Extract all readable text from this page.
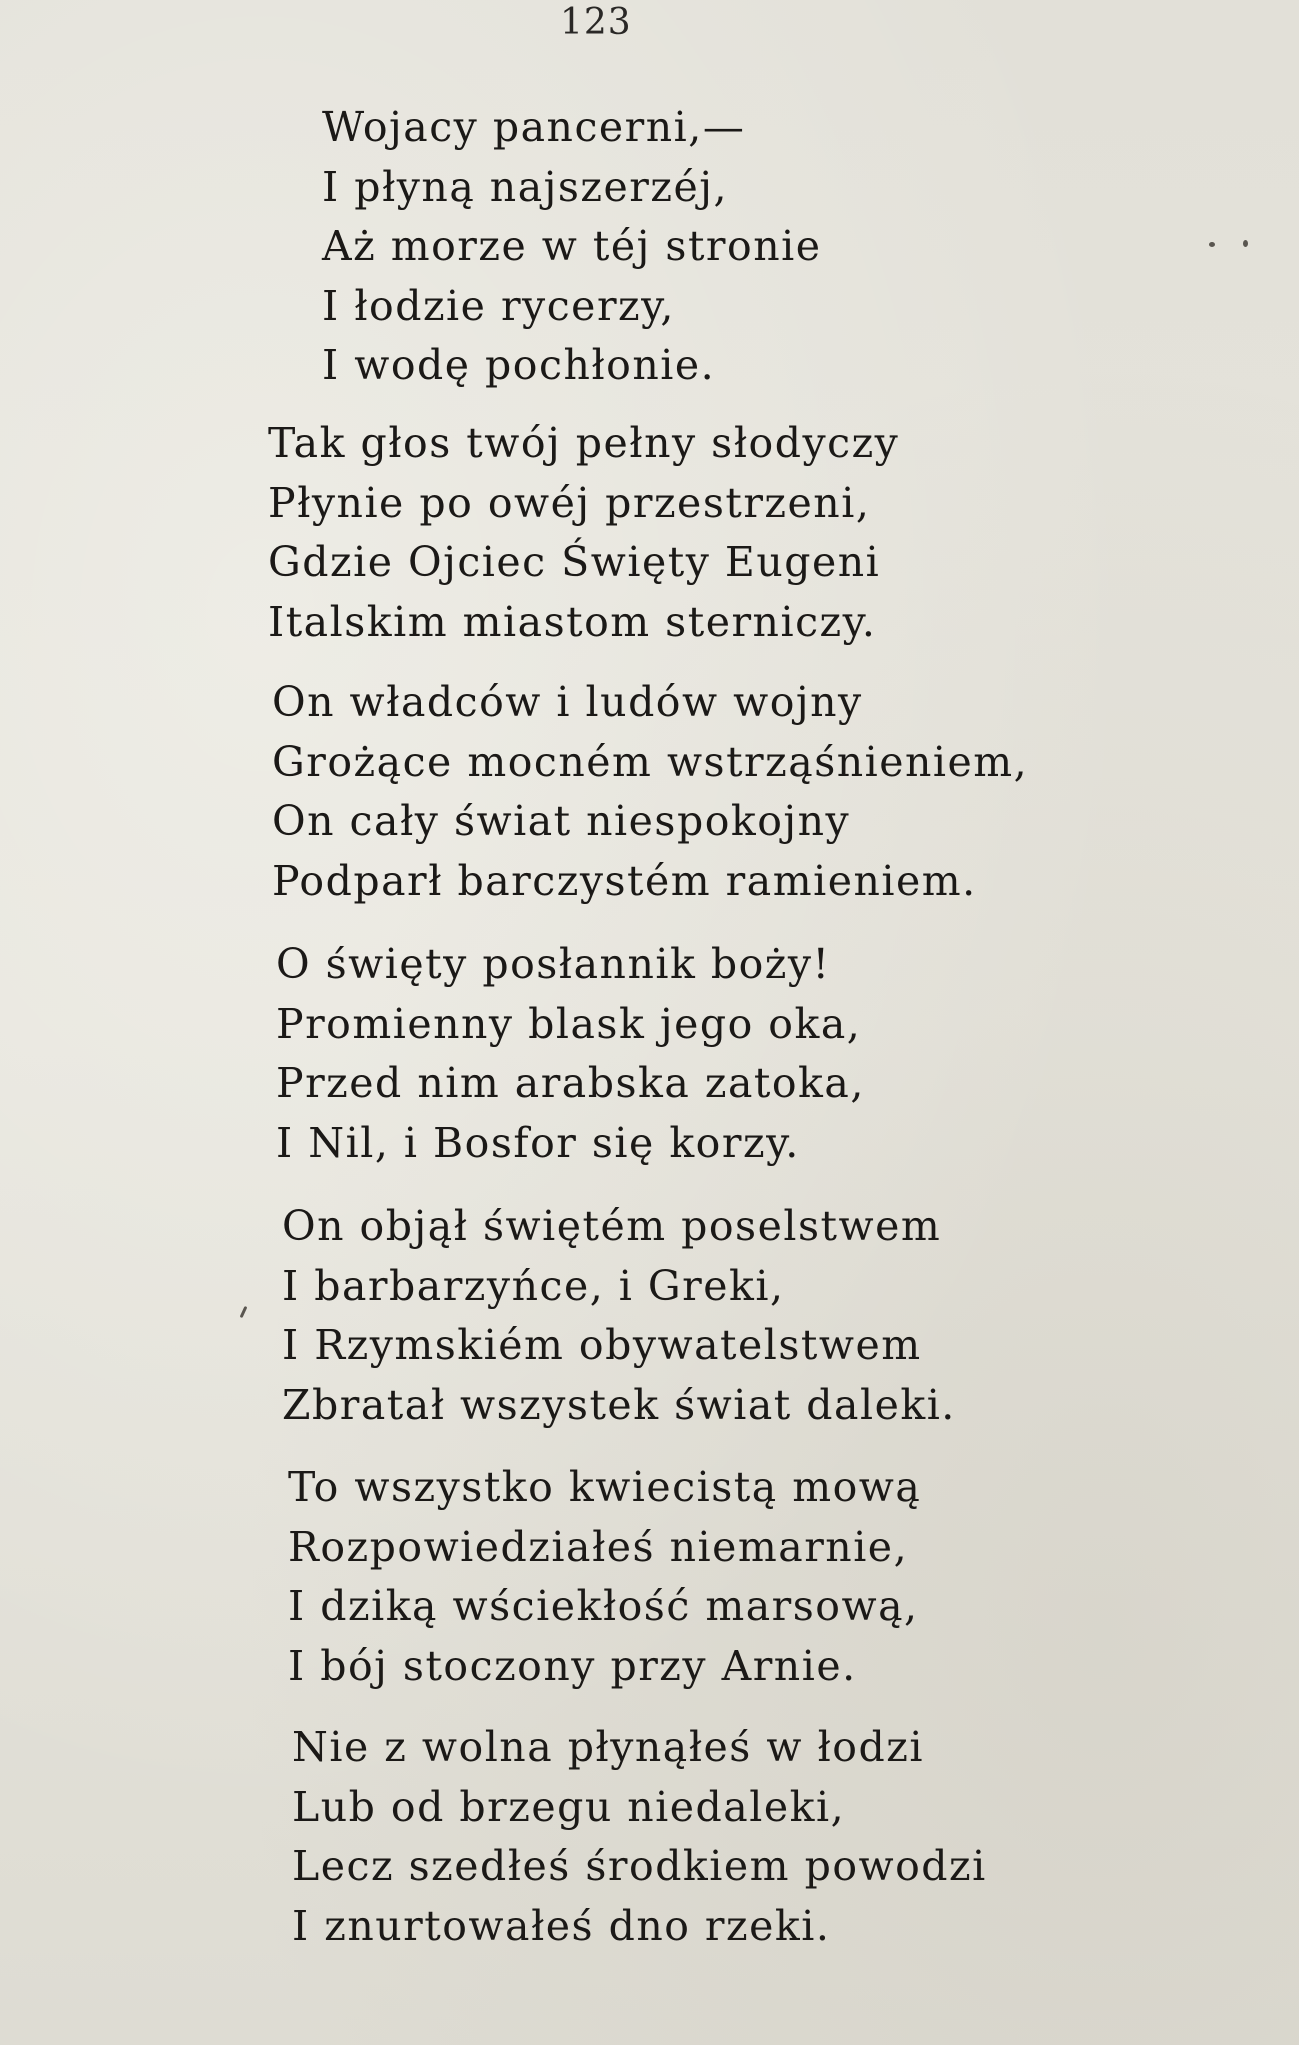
123
Wojacy pancerni,—
I płyną najszerzéj,
Aż morze w téj stronie
I łodzie rycerzy,
I wodę pochłonie.
Tak głos twój pełny słodyczy
Płynie po owéj przestrzeni,
Gdzie Ojciec Święty Eugeni
Italskim miastom sterniczy.
On władców i ludów wojny
Grożące mocném wstrząśnieniem,
On cały świat niespokojny
Podparł barczystém ramieniem.
O święty posłannik boży!
Promienny blask jego oka,
Przed nim arabska zatoka,
I Nil, i Bosfor się korzy.
On objął świętém poselstwem
I barbarzyńce, i Greki,
I Rzymskiém obywatelstwem
Zbratał wszystek świat daleki.
To wszystko kwiecistą mową
Rozpowiedziałeś niemarnie,
I dziką wściekłość marsową,
I bój stoczony przy Arnie.
Nie z wolna płynąłeś w łodzi
Lub od brzegu niedaleki,
Lecz szedłeś środkiem powodzi
I znurtowałeś dno rzeki.
